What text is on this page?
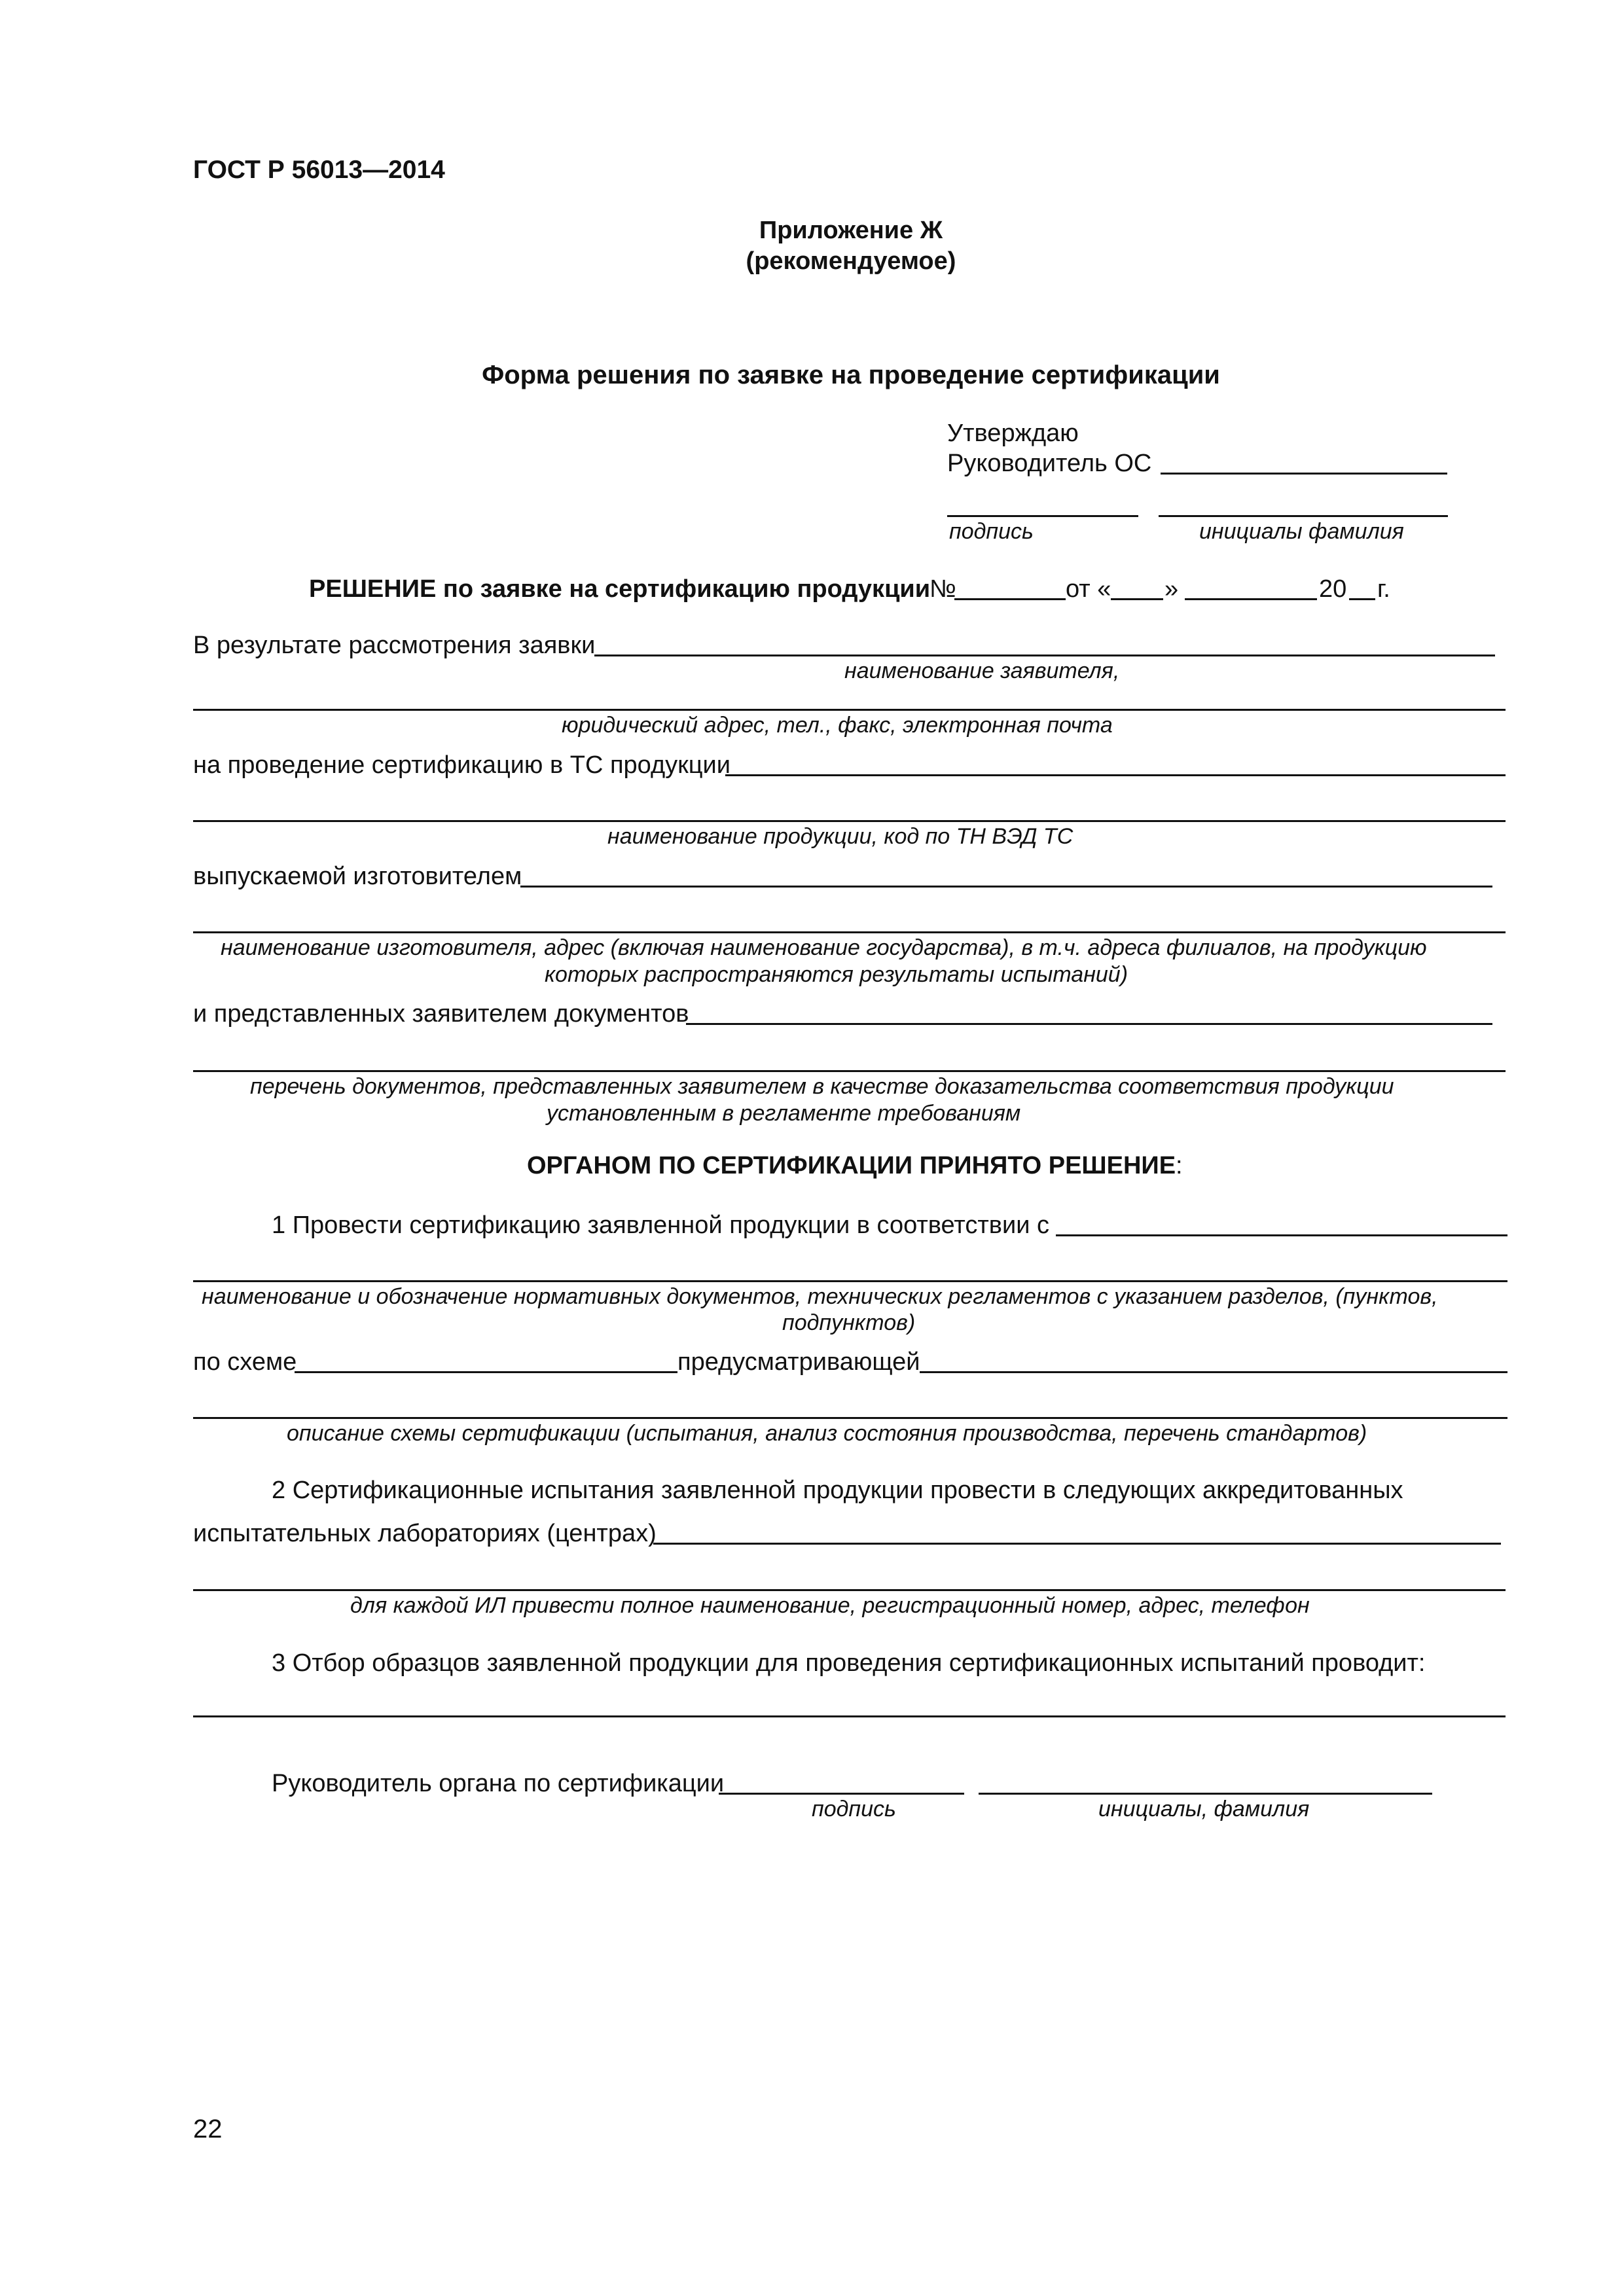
ГОСТ Р 56013—2014
Приложение Ж
(рекомендуемое)
Форма решения по заявке на проведение сертификации
Утверждаю
Руководитель ОС
подпись	инициалы фамилия
РЕШЕНИЕ по заявке на сертификацию продукции
№	от « »	20 г.
В результате рассмотрения заявки
наименование заявителя,
юридический адрес, тел., факс, электронная почта
на проведение сертификацию в ТС продукции
наименование продукции, код по ТН ВЭД ТС
выпускаемой изготовителем
наименование изготовителя, адрес (включая наименование государства), в т.ч. адреса филиалов, на продукцию
которых распространяются результаты испытаний)
и представленных заявителем документов
перечень документов, представленных заявителем в качестве доказательства соответствия продукции
установленным в регламенте требованиям
ОРГАНОМ ПО СЕРТИФИКАЦИИ ПРИНЯТО РЕШЕНИЕ:
1 Провести сертификацию заявленной продукции в соответствии с
наименование и обозначение нормативных документов, технических регламентов с указанием разделов, (пунктов,
подпунктов)
по схеме	предусматривающей
описание схемы сертификации (испытания, анализ состояния производства, перечень стандартов)
2 Сертификационные испытания заявленной продукции провести в следующих аккредитованных
испытательных лабораториях (центрах)
для каждой ИЛ привести полное наименование, регистрационный номер, адрес, телефон
3 Отбор образцов заявленной продукции для проведения сертификационных испытаний проводит:
Руководитель органа по сертификации
подпись	инициалы, фамилия
22
